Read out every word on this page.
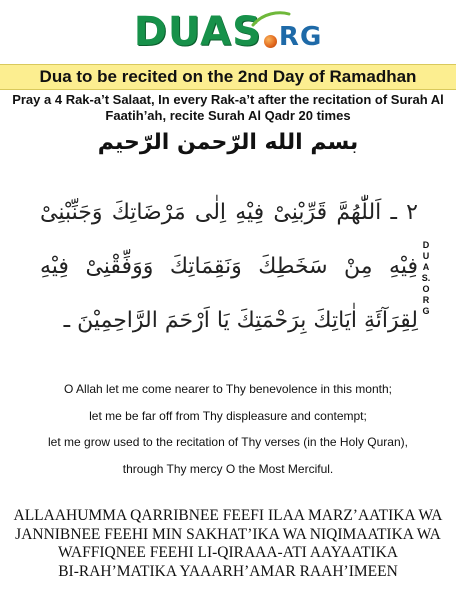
DUAS RG
Dua to be recited on the 2nd Day of Ramadhan
Pray a 4 Rak-a’t Salaat, In every Rak-a’t after the recitation of Surah Al Faatih’ah, recite Surah Al Qadr 20 times
بسم الله الرّحمن الرّحيم
٢ ـ اَللّٰهُمَّ قَرِّبْنِىْ فِيْهِ اِلٰى مَرْضَاتِكَ وَجَنِّبْنِىْ فِيْهِ مِنْ سَخَطِكَ وَنَقِمَاتِكَ وَوَفِّقْنِىْ فِيْهِ لِقِرَآئَةِ اٰيَاتِكَ بِرَحْمَتِكَ يَا اَرْحَمَ الرَّاحِمِيْنَ ـ
DUAS.ORG

O Allah let me come nearer to Thy benevolence in this month;

let me be far off from Thy displeasure and contempt;

let me grow used to the recitation of Thy verses (in the Holy Quran),

through Thy mercy O the Most Merciful.

ALLAAHUMMA QARRIBNEE FEEFI ILAA MARZ’AATIKA WA
JANNIBNEE FEEHI MIN SAKHAT’IKA WA NIQIMAATIKA WA
WAFFIQNEE FEEHI LI-QIRAAA-ATI AAYAATIKA
BI-RAH’MATIKA YAAARH’AMAR RAAH’IMEEN
